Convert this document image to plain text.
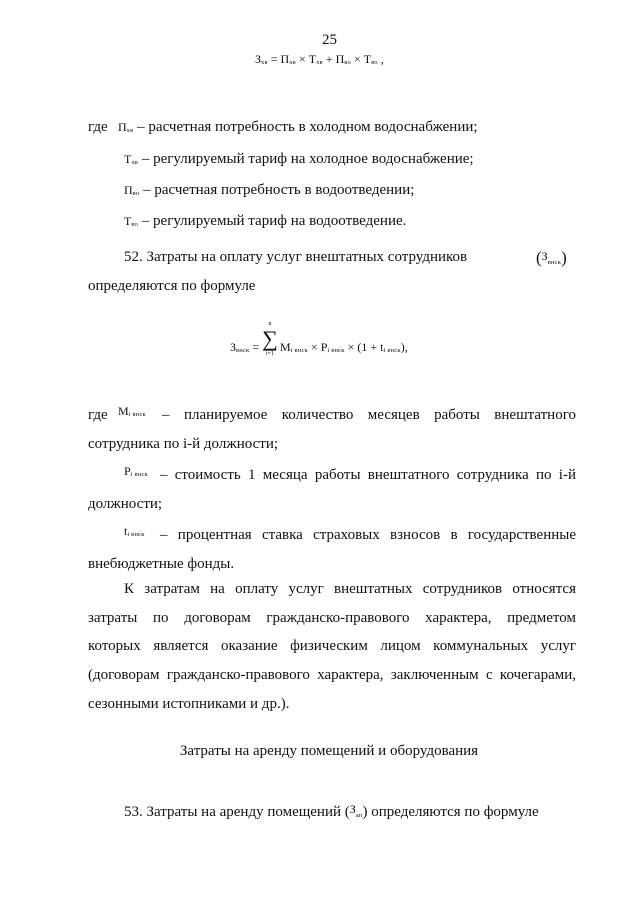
25
Зхв = Пхв × Тхв + Пво × Тво ,
где Пхв – расчетная потребность в холодном водоснабжении;
Тхв – регулируемый тариф на холодное водоснабжение;
Пво – расчетная потребность в водоотведении;
Тво – регулируемый тариф на водоотведение.
52. Затраты на оплату услуг внештатных сотрудников	($^З$внск)
определяются по формуле
Звнск =
n
∑
i=1 Mi внск × Pi внск × (1 + ti внск),
где Mi внск – планируемое количество месяцев работы внештатного
сотрудника по i-й должности;
Pi внск – стоимость 1 месяца работы внештатного сотрудника по i-й
должности;
ti внск – процентная ставка страховых взносов в государственные
внебюджетные фонды.
К затратам на оплату услуг внештатных сотрудников относятся
затраты по договорам гражданско-правового характера, предметом
которых является оказание физическим лицом коммунальных услуг
(договорам гражданско-правового характера, заключенным с кочегарами,
сезонными истопниками и др.).
Затраты на аренду помещений и оборудования
53. Затраты на аренду помещений ($^З$ап) определяются по формуле
